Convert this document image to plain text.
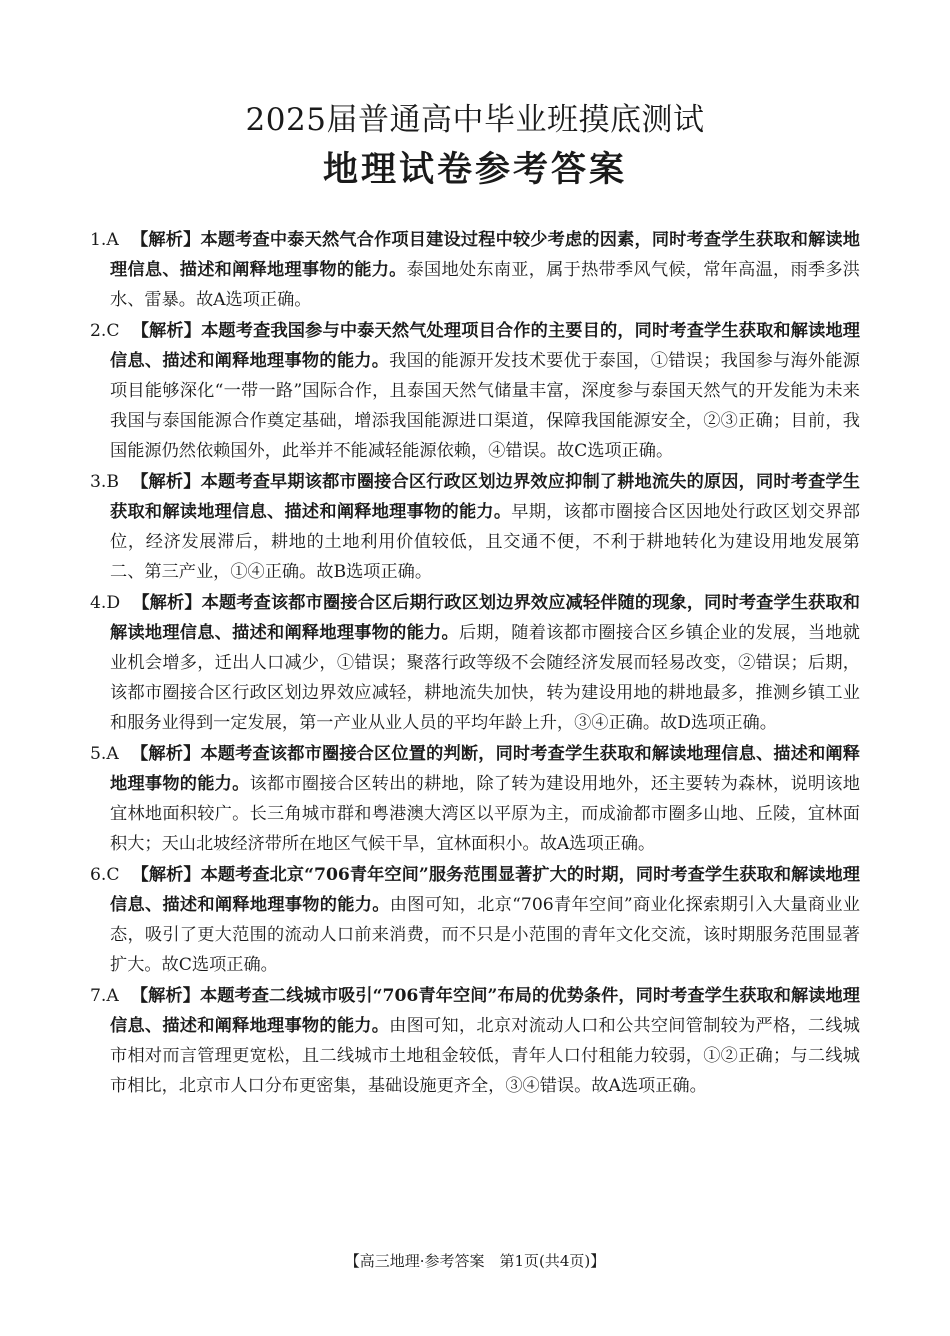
2025届普通高中毕业班摸底测试
地理试卷参考答案
1.A 【解析】本题考查中泰天然气合作项目建设过程中较少考虑的因素，同时考查学生获取和解读地理信息、描述和阐释地理事物的能力。泰国地处东南亚，属于热带季风气候，常年高温，雨季多洪水、雷暴。故A选项正确。
2.C 【解析】本题考查我国参与中泰天然气处理项目合作的主要目的，同时考查学生获取和解读地理信息、描述和阐释地理事物的能力。我国的能源开发技术要优于泰国，①错误；我国参与海外能源项目能够深化“一带一路”国际合作，且泰国天然气储量丰富，深度参与泰国天然气的开发能为未来我国与泰国能源合作奠定基础，增添我国能源进口渠道，保障我国能源安全，②③正确；目前，我国能源仍然依赖国外，此举并不能减轻能源依赖，④错误。故C选项正确。
3.B 【解析】本题考查早期该都市圈接合区行政区划边界效应抑制了耕地流失的原因，同时考查学生获取和解读地理信息、描述和阐释地理事物的能力。早期，该都市圈接合区因地处行政区划交界部位，经济发展滞后，耕地的土地利用价值较低，且交通不便，不利于耕地转化为建设用地发展第二、第三产业，①④正确。故B选项正确。
4.D 【解析】本题考查该都市圈接合区后期行政区划边界效应减轻伴随的现象，同时考查学生获取和解读地理信息、描述和阐释地理事物的能力。后期，随着该都市圈接合区乡镇企业的发展，当地就业机会增多，迁出人口减少，①错误；聚落行政等级不会随经济发展而轻易改变，②错误；后期，该都市圈接合区行政区划边界效应减轻，耕地流失加快，转为建设用地的耕地最多，推测乡镇工业和服务业得到一定发展，第一产业从业人员的平均年龄上升，③④正确。故D选项正确。
5.A 【解析】本题考查该都市圈接合区位置的判断，同时考查学生获取和解读地理信息、描述和阐释地理事物的能力。该都市圈接合区转出的耕地，除了转为建设用地外，还主要转为森林，说明该地宜林地面积较广。长三角城市群和粤港澳大湾区以平原为主，而成渝都市圈多山地、丘陵，宜林面积大；天山北坡经济带所在地区气候干旱，宜林面积小。故A选项正确。
6.C 【解析】本题考查北京“706青年空间”服务范围显著扩大的时期，同时考查学生获取和解读地理信息、描述和阐释地理事物的能力。由图可知，北京“706青年空间”商业化探索期引入大量商业业态，吸引了更大范围的流动人口前来消费，而不只是小范围的青年文化交流，该时期服务范围显著扩大。故C选项正确。
7.A 【解析】本题考查二线城市吸引“706青年空间”布局的优势条件，同时考查学生获取和解读地理信息、描述和阐释地理事物的能力。由图可知，北京对流动人口和公共空间管制较为严格，二线城市相对而言管理更宽松，且二线城市土地租金较低，青年人口付租能力较弱，①②正确；与二线城市相比，北京市人口分布更密集，基础设施更齐全，③④错误。故A选项正确。
【高三地理·参考答案　第1页(共4页)】
